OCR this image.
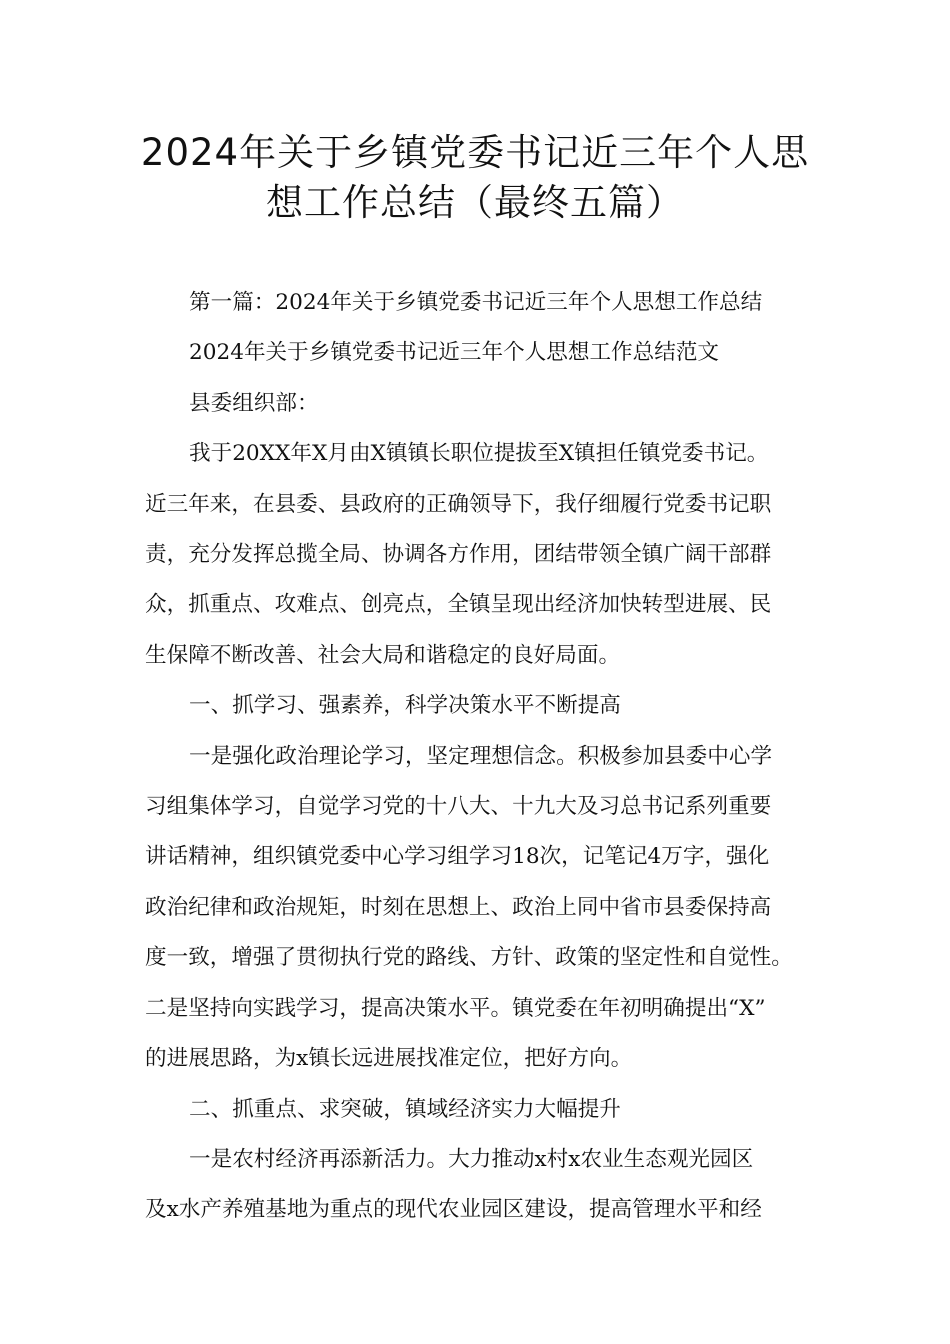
2024年关于乡镇党委书记近三年个人思
想工作总结（最终五篇）
第一篇：2024年关于乡镇党委书记近三年个人思想工作总结
2024年关于乡镇党委书记近三年个人思想工作总结范文
县委组织部：
我于20XX年X月由X镇镇长职位提拔至X镇担任镇党委书记。
近三年来，在县委、县政府的正确领导下，我仔细履行党委书记职
责，充分发挥总揽全局、协调各方作用，团结带领全镇广阔干部群
众，抓重点、攻难点、创亮点，全镇呈现出经济加快转型进展、民
生保障不断改善、社会大局和谐稳定的良好局面。
一、抓学习、强素养，科学决策水平不断提高
一是强化政治理论学习，坚定理想信念。积极参加县委中心学
习组集体学习，自觉学习党的十八大、十九大及习总书记系列重要
讲话精神，组织镇党委中心学习组学习18次，记笔记4万字，强化
政治纪律和政治规矩，时刻在思想上、政治上同中省市县委保持高
度一致，增强了贯彻执行党的路线、方针、政策的坚定性和自觉性。
二是坚持向实践学习，提高决策水平。镇党委在年初明确提出“X”
的进展思路，为x镇长远进展找准定位，把好方向。
二、抓重点、求突破，镇域经济实力大幅提升
一是农村经济再添新活力。大力推动x村x农业生态观光园区
及x水产养殖基地为重点的现代农业园区建设，提高管理水平和经
